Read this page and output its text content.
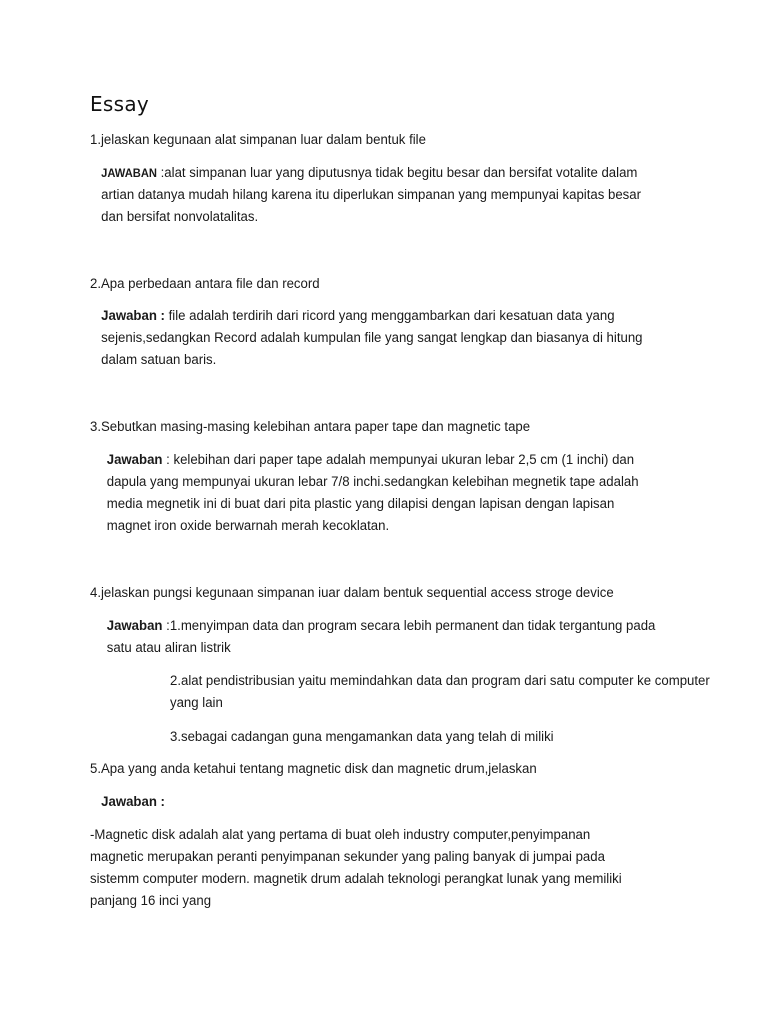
Essay
1.jelaskan kegunaan alat simpanan luar dalam bentuk file
JAWABAN :alat simpanan luar yang diputusnya tidak begitu besar dan bersifat votalite dalam artian datanya mudah hilang karena itu diperlukan simpanan yang mempunyai kapitas besar dan bersifat nonvolatalitas.
2.Apa perbedaan antara file dan record
Jawaban : file adalah terdirih dari ricord yang menggambarkan dari kesatuan data yang sejenis,sedangkan Record adalah kumpulan file yang sangat lengkap dan biasanya di hitung dalam satuan baris.
3.Sebutkan masing-masing kelebihan antara paper tape dan magnetic tape
Jawaban : kelebihan dari paper tape adalah mempunyai ukuran lebar 2,5 cm (1 inchi) dan dapula yang mempunyai ukuran lebar 7/8 inchi.sedangkan kelebihan megnetik tape adalah media megnetik ini di buat dari pita plastic yang dilapisi dengan lapisan dengan lapisan magnet iron oxide berwarnah merah kecoklatan.
4.jelaskan pungsi kegunaan simpanan iuar dalam bentuk sequential access stroge device
Jawaban :1.menyimpan data dan program secara lebih permanent dan tidak tergantung pada satu atau aliran listrik
2.alat pendistribusian yaitu memindahkan data dan program dari satu computer ke computer yang lain
3.sebagai cadangan guna mengamankan data yang telah di miliki
5.Apa yang anda ketahui tentang magnetic disk dan magnetic drum,jelaskan
Jawaban :
-Magnetic disk adalah alat yang pertama di buat oleh industry computer,penyimpanan magnetic merupakan peranti penyimpanan sekunder yang paling banyak di jumpai pada sistemm computer modern. magnetik drum adalah teknologi perangkat lunak yang memiliki panjang 16 inci yang
